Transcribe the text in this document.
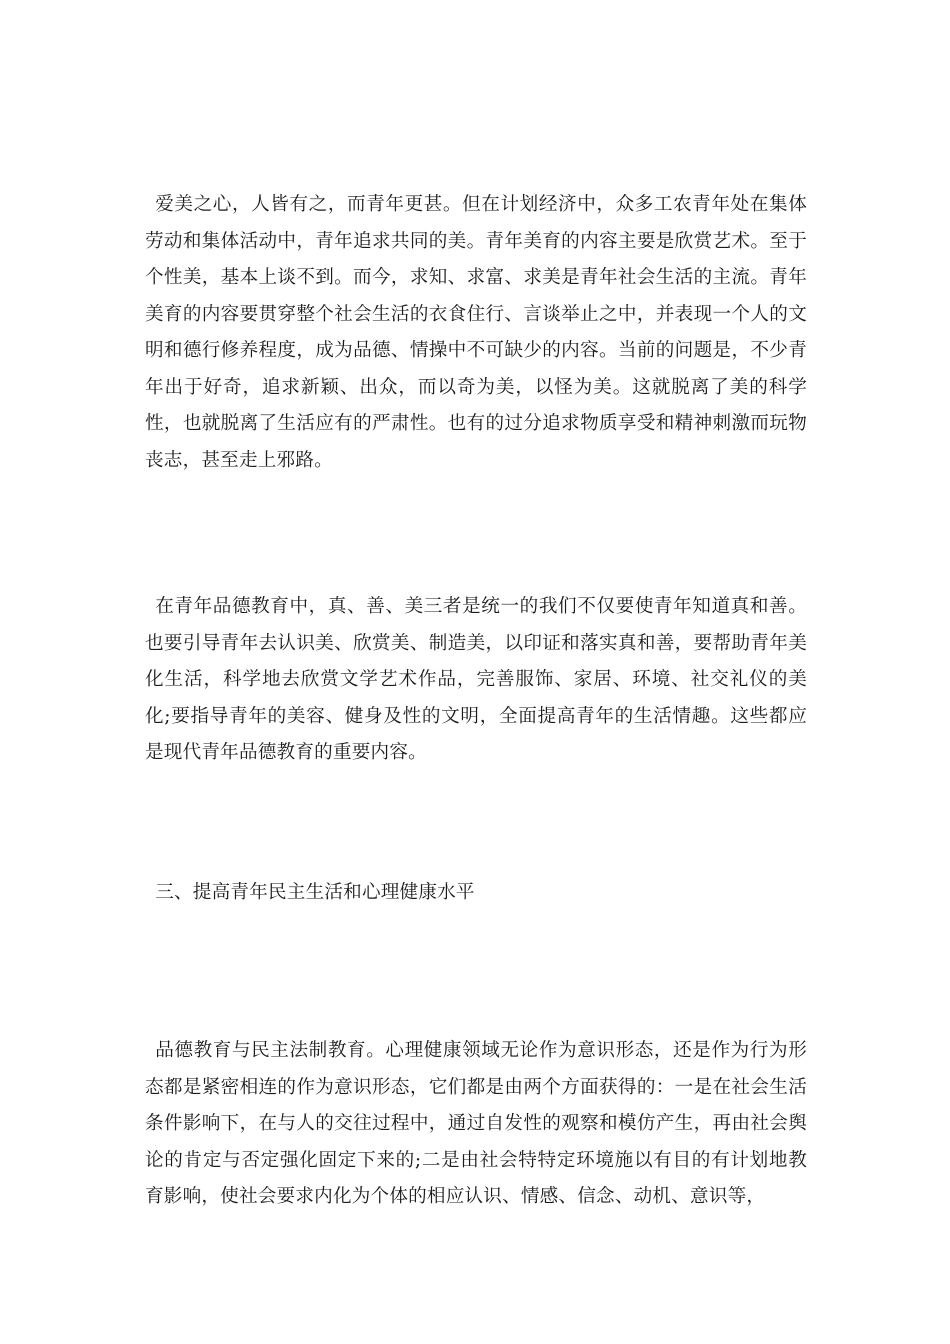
爱美之心，人皆有之，而青年更甚。但在计划经济中，众多工农青年处在集体劳动和集体活动中，青年追求共同的美。青年美育的内容主要是欣赏艺术。至于个性美，基本上谈不到。而今，求知、求富、求美是青年社会生活的主流。青年美育的内容要贯穿整个社会生活的衣食住行、言谈举止之中，并表现一个人的文明和德行修养程度，成为品德、情操中不可缺少的内容。当前的问题是，不少青年出于好奇，追求新颖、出众，而以奇为美，以怪为美。这就脱离了美的科学性，也就脱离了生活应有的严肃性。也有的过分追求物质享受和精神刺激而玩物丧志，甚至走上邪路。

在青年品德教育中，真、善、美三者是统一的我们不仅要使青年知道真和善。也要引导青年去认识美、欣赏美、制造美，以印证和落实真和善，要帮助青年美化生活，科学地去欣赏文学艺术作品，完善服饰、家居、环境、社交礼仪的美化;要指导青年的美容、健身及性的文明，全面提高青年的生活情趣。这些都应是现代青年品德教育的重要内容。

三、提高青年民主生活和心理健康水平

品德教育与民主法制教育。心理健康领域无论作为意识形态，还是作为行为形态都是紧密相连的作为意识形态，它们都是由两个方面获得的：一是在社会生活条件影响下，在与人的交往过程中，通过自发性的观察和模仿产生，再由社会舆论的肯定与否定强化固定下来的;二是由社会特特定环境施以有目的有计划地教育影响，使社会要求内化为个体的相应认识、情感、信念、动机、意识等，
